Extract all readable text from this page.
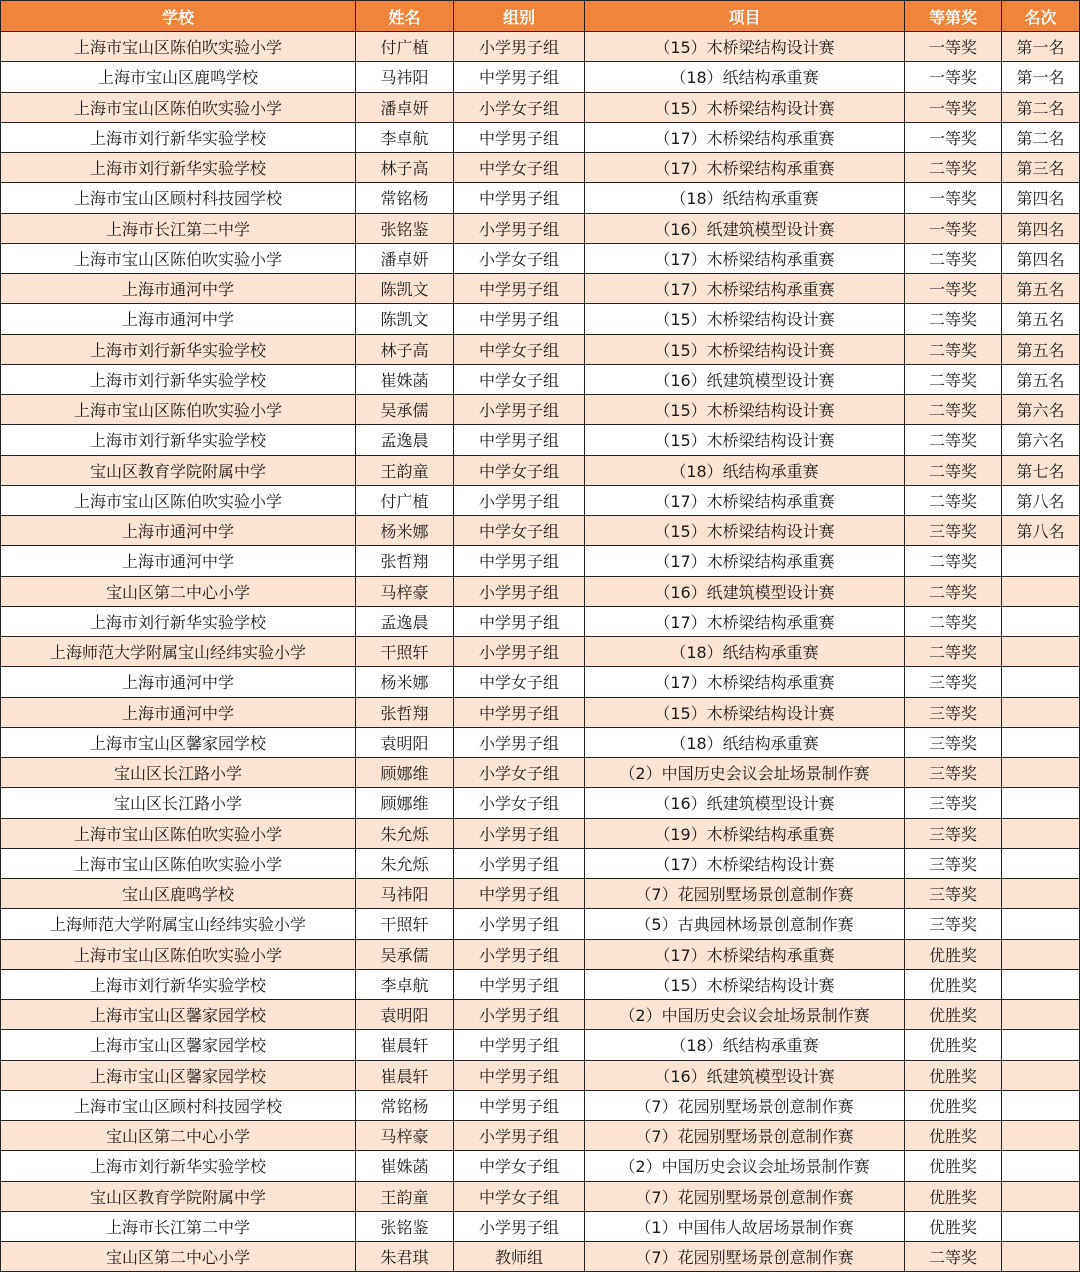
学校	姓名	组别	项目	等第奖	名次
上海市宝山区陈伯吹实验小学	付广植	小学男子组	（15）木桥梁结构设计赛	一等奖	第一名
上海市宝山区鹿鸣学校	马祎阳	中学男子组	（18）纸结构承重赛	一等奖	第一名
上海市宝山区陈伯吹实验小学	潘卓妍	小学女子组	（15）木桥梁结构设计赛	一等奖	第二名
上海市刘行新华实验学校	李卓航	中学男子组	（17）木桥梁结构承重赛	一等奖	第二名
上海市刘行新华实验学校	林子高	中学女子组	（17）木桥梁结构承重赛	二等奖	第三名
上海市宝山区顾村科技园学校	常铭杨	中学男子组	（18）纸结构承重赛	一等奖	第四名
上海市长江第二中学	张铭鉴	小学男子组	（16）纸建筑模型设计赛	一等奖	第四名
上海市宝山区陈伯吹实验小学	潘卓妍	小学女子组	（17）木桥梁结构承重赛	二等奖	第四名
上海市通河中学	陈凯文	中学男子组	（17）木桥梁结构承重赛	一等奖	第五名
上海市通河中学	陈凯文	中学男子组	（15）木桥梁结构设计赛	二等奖	第五名
上海市刘行新华实验学校	林子高	中学女子组	（15）木桥梁结构设计赛	二等奖	第五名
上海市刘行新华实验学校	崔姝菡	中学女子组	（16）纸建筑模型设计赛	二等奖	第五名
上海市宝山区陈伯吹实验小学	吴承儒	小学男子组	（15）木桥梁结构设计赛	二等奖	第六名
上海市刘行新华实验学校	孟逸晨	中学男子组	（15）木桥梁结构设计赛	二等奖	第六名
宝山区教育学院附属中学	王韵童	中学女子组	（18）纸结构承重赛	二等奖	第七名
上海市宝山区陈伯吹实验小学	付广植	小学男子组	（17）木桥梁结构承重赛	二等奖	第八名
上海市通河中学	杨米娜	中学女子组	（15）木桥梁结构设计赛	三等奖	第八名
上海市通河中学	张哲翔	中学男子组	（17）木桥梁结构承重赛	二等奖	
宝山区第二中心小学	马梓豪	小学男子组	（16）纸建筑模型设计赛	二等奖	
上海市刘行新华实验学校	孟逸晨	中学男子组	（17）木桥梁结构承重赛	二等奖	
上海师范大学附属宝山经纬实验小学	干照轩	小学男子组	（18）纸结构承重赛	二等奖	
上海市通河中学	杨米娜	中学女子组	（17）木桥梁结构承重赛	三等奖	
上海市通河中学	张哲翔	中学男子组	（15）木桥梁结构设计赛	三等奖	
上海市宝山区馨家园学校	袁明阳	小学男子组	（18）纸结构承重赛	三等奖	
宝山区长江路小学	顾娜维	小学女子组	（2）中国历史会议会址场景制作赛	三等奖	
宝山区长江路小学	顾娜维	小学女子组	（16）纸建筑模型设计赛	三等奖	
上海市宝山区陈伯吹实验小学	朱允烁	小学男子组	（19）木桥梁结构承重赛	三等奖	
上海市宝山区陈伯吹实验小学	朱允烁	小学男子组	（17）木桥梁结构设计赛	三等奖	
宝山区鹿鸣学校	马祎阳	中学男子组	（7）花园别墅场景创意制作赛	三等奖	
上海师范大学附属宝山经纬实验小学	干照轩	小学男子组	（5）古典园林场景创意制作赛	三等奖	
上海市宝山区陈伯吹实验小学	吴承儒	小学男子组	（17）木桥梁结构承重赛	优胜奖	
上海市刘行新华实验学校	李卓航	中学男子组	（15）木桥梁结构设计赛	优胜奖	
上海市宝山区馨家园学校	袁明阳	小学男子组	（2）中国历史会议会址场景制作赛	优胜奖	
上海市宝山区馨家园学校	崔晨轩	中学男子组	（18）纸结构承重赛	优胜奖	
上海市宝山区馨家园学校	崔晨轩	中学男子组	（16）纸建筑模型设计赛	优胜奖	
上海市宝山区顾村科技园学校	常铭杨	中学男子组	（7）花园别墅场景创意制作赛	优胜奖	
宝山区第二中心小学	马梓豪	小学男子组	（7）花园别墅场景创意制作赛	优胜奖	
上海市刘行新华实验学校	崔姝菡	中学女子组	（2）中国历史会议会址场景制作赛	优胜奖	
宝山区教育学院附属中学	王韵童	中学女子组	（7）花园别墅场景创意制作赛	优胜奖	
上海市长江第二中学	张铭鉴	小学男子组	（1）中国伟人故居场景制作赛	优胜奖	
宝山区第二中心小学	朱君琪	教师组	（7）花园别墅场景创意制作赛	二等奖	
